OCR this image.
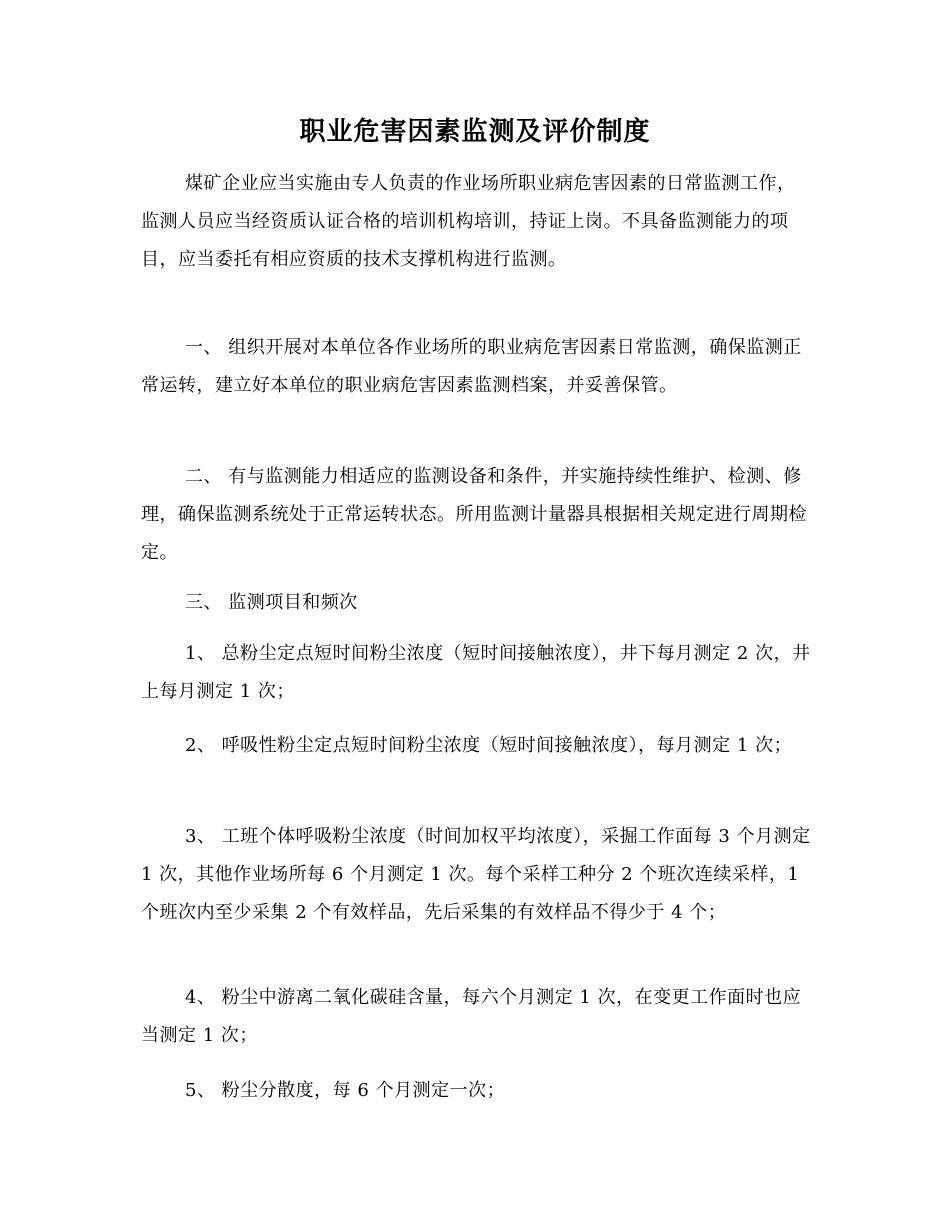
职业危害因素监测及评价制度

煤矿企业应当实施由专人负责的作业场所职业病危害因素的日常监测工作，监测人员应当经资质认证合格的培训机构培训，持证上岗。不具备监测能力的项目，应当委托有相应资质的技术支撑机构进行监测。

一、 组织开展对本单位各作业场所的职业病危害因素日常监测，确保监测正常运转，建立好本单位的职业病危害因素监测档案，并妥善保管。

二、 有与监测能力相适应的监测设备和条件，并实施持续性维护、检测、修理，确保监测系统处于正常运转状态。所用监测计量器具根据相关规定进行周期检定。

三、 监测项目和频次

1、 总粉尘定点短时间粉尘浓度（短时间接触浓度），井下每月测定 2 次，井上每月测定 1 次；

2、 呼吸性粉尘定点短时间粉尘浓度（短时间接触浓度），每月测定 1 次；

3、 工班个体呼吸粉尘浓度（时间加权平均浓度），采掘工作面每 3 个月测定 1 次，其他作业场所每 6 个月测定 1 次。每个采样工种分 2 个班次连续采样，1 个班次内至少采集 2 个有效样品，先后采集的有效样品不得少于 4 个；

4、 粉尘中游离二氧化碳硅含量，每六个月测定 1 次，在变更工作面时也应当测定 1 次；

5、 粉尘分散度，每 6 个月测定一次；
